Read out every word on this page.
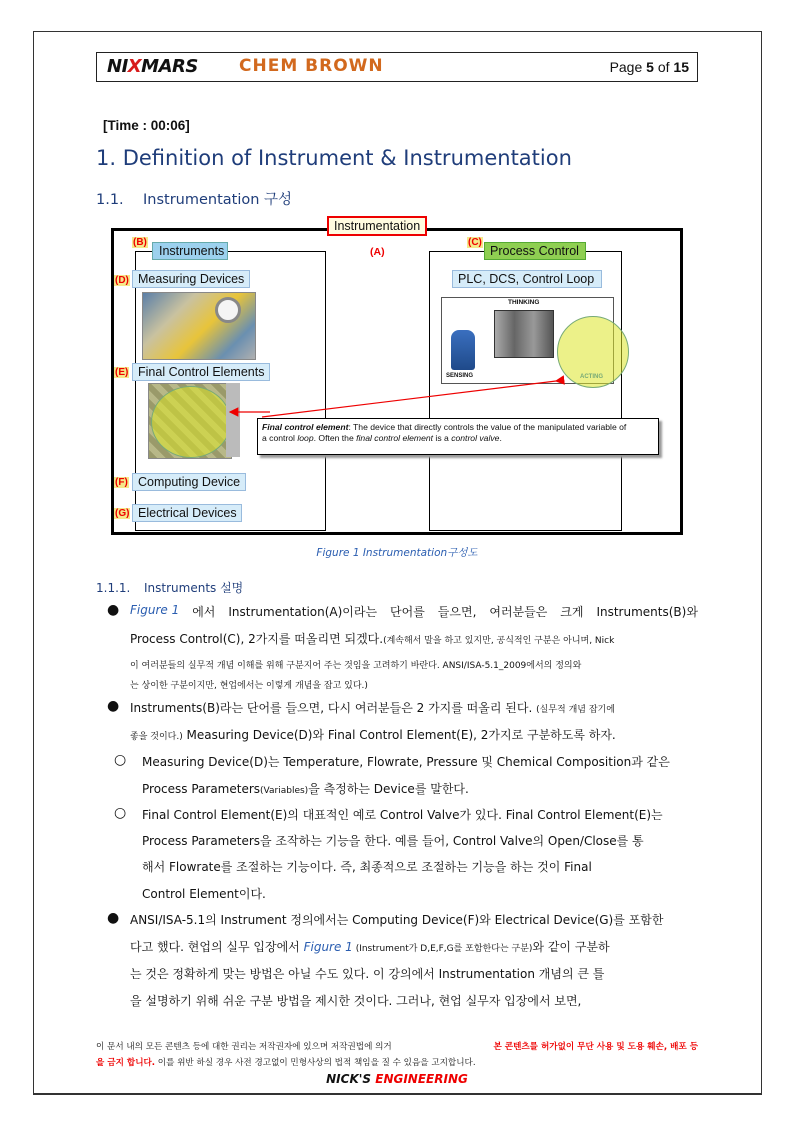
NIXMARS CHEM BROWN	Page 5 of 15
[Time : 00:06]
1. Definition of Instrument & Instrumentation
1.1. Instrumentation 구성
THINKING
SENSING	ACTING
Instrumentation
(A)
(B)
Instruments
(C)
Process Control
(D) Measuring Devices	PLC, DCS, Control Loop
(E) Final Control Elements
(F) Computing Device
(G) Electrical Devices
Final control element: The device that directly controls the value of the manipulated variable of
a control loop. Often the final control element is a control valve.
Figure 1 Instrumentation구성도
1.1.1. Instruments 설명
● Figure 1 에서 Instrumentation(A)이라는 단어를 들으면, 여러분들은 크게 Instruments(B)와
Process Control(C), 2가지를 떠올리면 되겠다.(계속해서 말을 하고 있지만, 공식적인 구분은 아니며, Nick
이 여러분들의 실무적 개념 이해를 위해 구분지어 주는 것임을 고려하기 바란다. ANSI/ISA-5.1_2009에서의 정의와
는 상이한 구분이지만, 현업에서는 이렇게 개념을 잡고 있다.)
● Instruments(B)라는 단어를 들으면, 다시 여러분들은 2 가지를 떠올리 된다. (실무적 개념 잡기에
좋을 것이다.) Measuring Device(D)와 Final Control Element(E), 2가지로 구분하도록 하자.
○ Measuring Device(D)는 Temperature, Flowrate, Pressure 및 Chemical Composition과 같은
Process Parameters(Variables)을 측정하는 Device를 말한다.
○ Final Control Element(E)의 대표적인 예로 Control Valve가 있다. Final Control Element(E)는
Process Parameters을 조작하는 기능을 한다. 예를 들어, Control Valve의 Open/Close를 통
해서 Flowrate를 조절하는 기능이다. 즉, 최종적으로 조절하는 기능을 하는 것이 Final
Control Element이다.
● ANSI/ISA-5.1의 Instrument 정의에서는 Computing Device(F)와 Electrical Device(G)를 포함한
다고 했다. 현업의 실무 입장에서 Figure 1 (Instrument가 D,E,F,G를 포함한다는 구분)와 같이 구분하
는 것은 정확하게 맞는 방법은 아닐 수도 있다. 이 강의에서 Instrumentation 개념의 큰 틀
을 설명하기 위해 쉬운 구분 방법을 제시한 것이다. 그러나, 현업 실무자 입장에서 보면,
이 문서 내의 모든 콘텐츠 등에 대한 권리는 저작권자에 있으며 저작권법에 의거	본 콘텐츠를 허가없이 무단 사용 및 도용 훼손, 배포 등
을 금지 합니다. 이를 위반 하실 경우 사전 경고없이 민형사상의 법적 책임을 질 수 있음을 고지합니다.
NICK'S ENGINEERING
